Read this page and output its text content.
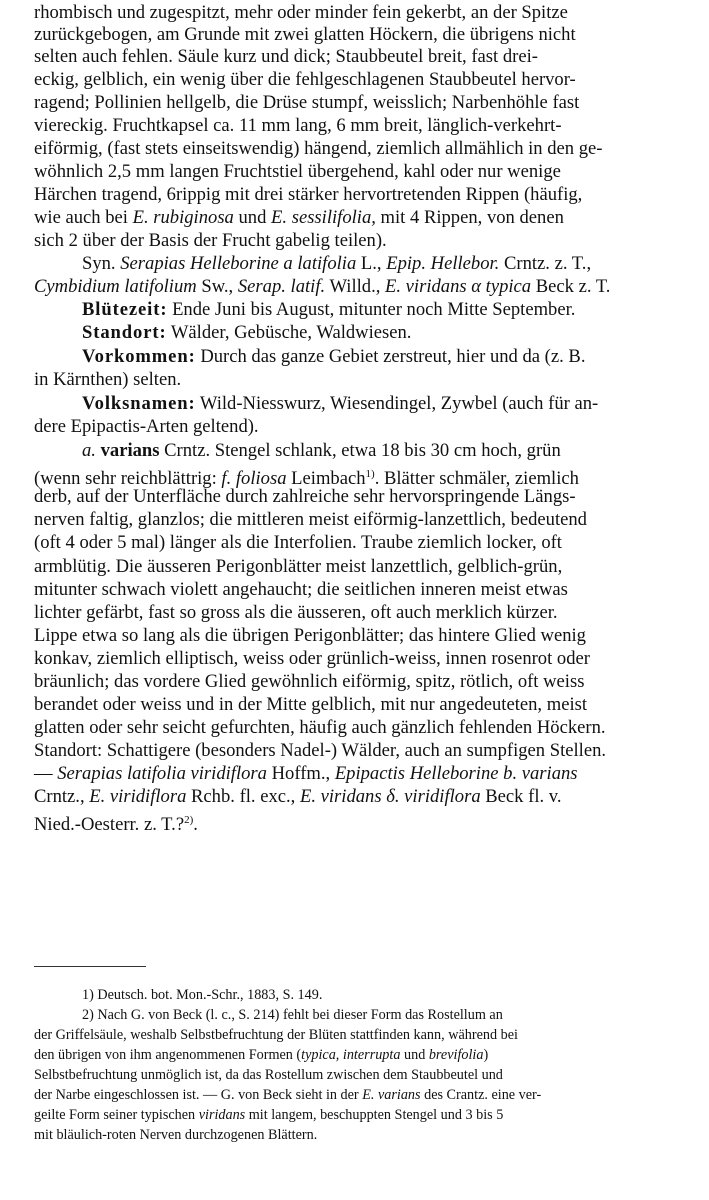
rhombisch und zugespitzt, mehr oder minder fein gekerbt, an der Spitze
zurückgebogen, am Grunde mit zwei glatten Höckern, die übrigens nicht
selten auch fehlen. Säule kurz und dick; Staubbeutel breit, fast drei-
eckig, gelblich, ein wenig über die fehlgeschlagenen Staubbeutel hervor-
ragend; Pollinien hellgelb, die Drüse stumpf, weisslich; Narbenhöhle fast
viereckig. Fruchtkapsel ca. 11 mm lang, 6 mm breit, länglich-verkehrt-
eiförmig, (fast stets einseitswendig) hängend, ziemlich allmählich in den ge-
wöhnlich 2,5 mm langen Fruchtstiel übergehend, kahl oder nur wenige
Härchen tragend, 6rippig mit drei stärker hervortretenden Rippen (häufig,
wie auch bei E. rubiginosa und E. sessilifolia, mit 4 Rippen, von denen
sich 2 über der Basis der Frucht gabelig teilen).
Syn. Serapias Helleborine a latifolia L., Epip. Hellebor. Crntz. z. T.,
Cymbidium latifolium Sw., Serap. latif. Willd., E. viridans α typica Beck z. T.
Blütezeit: Ende Juni bis August, mitunter noch Mitte September.
Standort: Wälder, Gebüsche, Waldwiesen.
Vorkommen: Durch das ganze Gebiet zerstreut, hier und da (z. B.
in Kärnthen) selten.
Volksnamen: Wild-Niesswurz, Wiesendingel, Zywbel (auch für an-
dere Epipactis-Arten geltend).
a. varians Crntz. Stengel schlank, etwa 18 bis 30 cm hoch, grün
(wenn sehr reichblättrig: f. foliosa Leimbach$^{1)}$. Blätter schmäler, ziemlich
derb, auf der Unterfläche durch zahlreiche sehr hervorspringende Längs-
nerven faltig, glanzlos; die mittleren meist eiförmig-lanzettlich, bedeutend
(oft 4 oder 5 mal) länger als die Interfolien. Traube ziemlich locker, oft
armblütig. Die äusseren Perigonblätter meist lanzettlich, gelblich-grün,
mitunter schwach violett angehaucht; die seitlichen inneren meist etwas
lichter gefärbt, fast so gross als die äusseren, oft auch merklich kürzer.
Lippe etwa so lang als die übrigen Perigonblätter; das hintere Glied wenig
konkav, ziemlich elliptisch, weiss oder grünlich-weiss, innen rosenrot oder
bräunlich; das vordere Glied gewöhnlich eiförmig, spitz, rötlich, oft weiss
berandet oder weiss und in der Mitte gelblich, mit nur angedeuteten, meist
glatten oder sehr seicht gefurchten, häufig auch gänzlich fehlenden Höckern.
Standort: Schattigere (besonders Nadel-) Wälder, auch an sumpfigen Stellen.
— Serapias latifolia viridiflora Hoffm., Epipactis Helleborine b. varians
Crntz., E. viridiflora Rchb. fl. exc., E. viridans δ. viridiflora Beck fl. v.
Nied.-Oesterr. z. T.?$^{2)}$.
1) Deutsch. bot. Mon.-Schr., 1883, S. 149.
2) Nach G. von Beck (l. c., S. 214) fehlt bei dieser Form das Rostellum an
der Griffelsäule, weshalb Selbstbefruchtung der Blüten stattfinden kann, während bei
den übrigen von ihm angenommenen Formen (typica, interrupta und brevifolia)
Selbstbefruchtung unmöglich ist, da das Rostellum zwischen dem Staubbeutel und
der Narbe eingeschlossen ist. — G. von Beck sieht in der E. varians des Crantz. eine ver-
geilte Form seiner typischen viridans mit langem, beschuppten Stengel und 3 bis 5
mit bläulich-roten Nerven durchzogenen Blättern.
